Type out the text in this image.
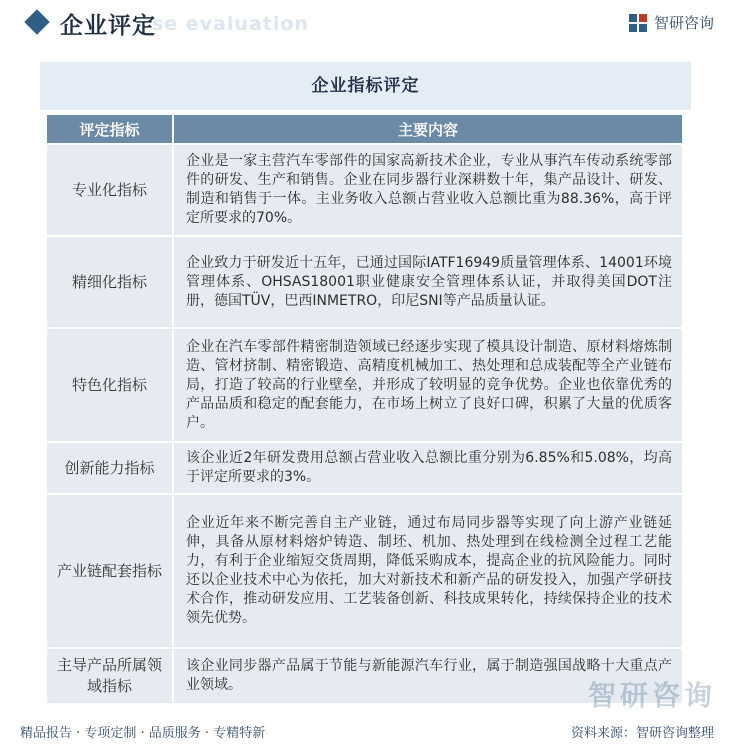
se evaluation
企业评定	智研咨询
企业指标评定
评定指标	主要内容
专业化指标	企业是一家主营汽车零部件的国家高新技术企业，专业从事汽车传动系统零部件的研发、生产和销售。企业在同步器行业深耕数十年，集产品设计、研发、制造和销售于一体。主业务收入总额占营业收入总额比重为88.36%，高于评定所要求的70%。
精细化指标	企业致力于研发近十五年，已通过国际IATF16949质量管理体系、14001环境管理体系、OHSAS18001职业健康安全管理体系认证，并取得美国DOT注册，德国TÜV，巴西INMETRO，印尼SNI等产品质量认证。
特色化指标	企业在汽车零部件精密制造领域已经逐步实现了模具设计制造、原材料熔炼制造、管材挤制、精密锻造、高精度机械加工、热处理和总成装配等全产业链布局，打造了较高的行业壁垒，并形成了较明显的竞争优势。企业也依靠优秀的产品品质和稳定的配套能力，在市场上树立了良好口碑，积累了大量的优质客户。
创新能力指标	该企业近2年研发费用总额占营业收入总额比重分别为6.85%和5.08%，均高于评定所要求的3%。
产业链配套指标	企业近年来不断完善自主产业链，通过布局同步器等实现了向上游产业链延伸，具备从原材料熔炉铸造、制坯、机加、热处理到在线检测全过程工艺能力，有利于企业缩短交货周期，降低采购成本，提高企业的抗风险能力。同时还以企业技术中心为依托，加大对新技术和新产品的研发投入，加强产学研技术合作，推动研发应用、工艺装备创新、科技成果转化，持续保持企业的技术领先优势。
主导产品所属领域指标	该企业同步器产品属于节能与新能源汽车行业，属于制造强国战略十大重点产业领域。	智研咨询
精品报告 · 专项定制 · 品质服务 · 专精特新	资料来源：智研咨询整理
